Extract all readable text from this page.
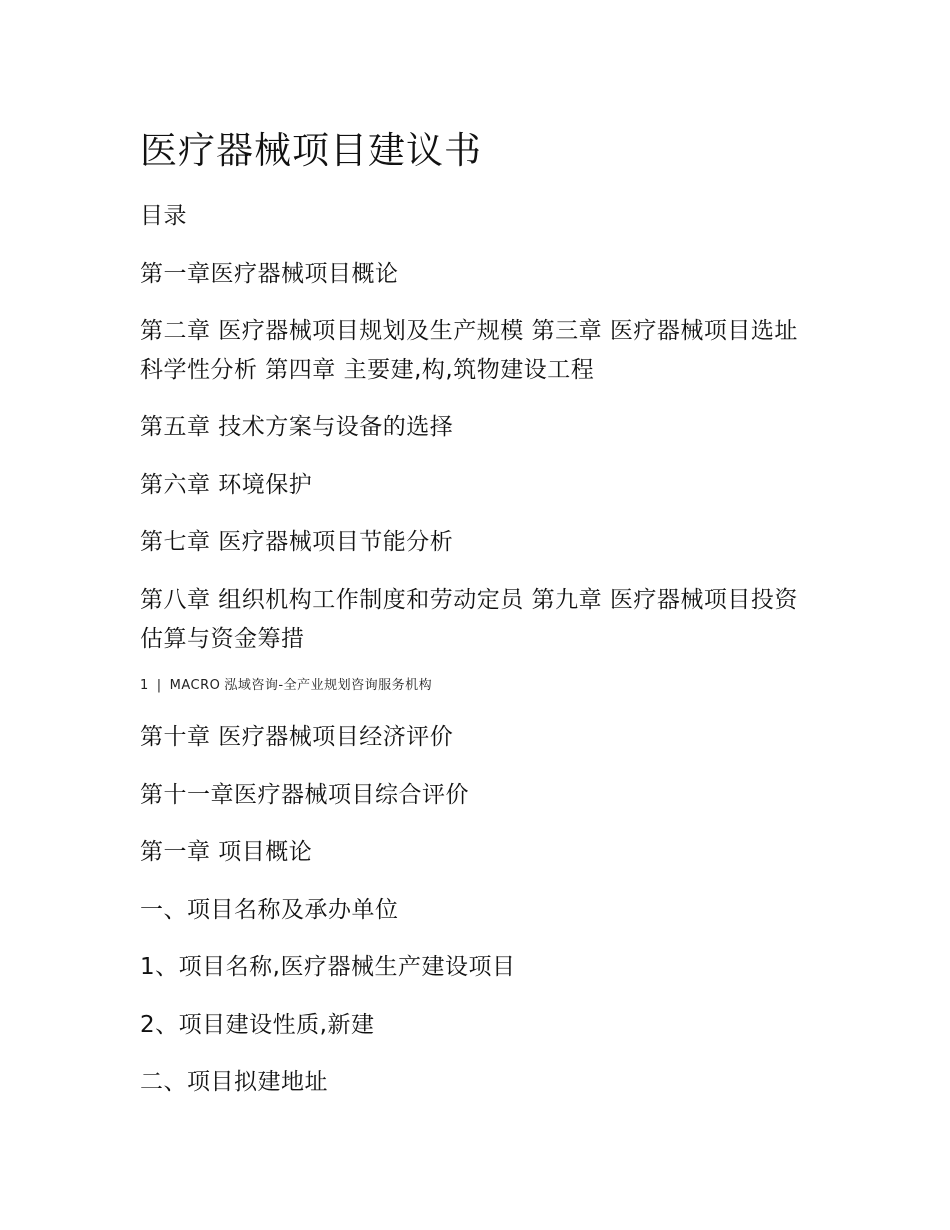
医疗器械项目建议书

目录

第一章医疗器械项目概论

第二章 医疗器械项目规划及生产规模 第三章 医疗器械项目选址科学性分析 第四章 主要建,构,筑物建设工程

第五章 技术方案与设备的选择

第六章 环境保护

第七章 医疗器械项目节能分析

第八章 组织机构工作制度和劳动定员 第九章 医疗器械项目投资估算与资金筹措

1 | MACRO 泓域咨询-全产业规划咨询服务机构

第十章 医疗器械项目经济评价

第十一章医疗器械项目综合评价

第一章 项目概论

一、项目名称及承办单位

1、项目名称,医疗器械生产建设项目

2、项目建设性质,新建

二、项目拟建地址
